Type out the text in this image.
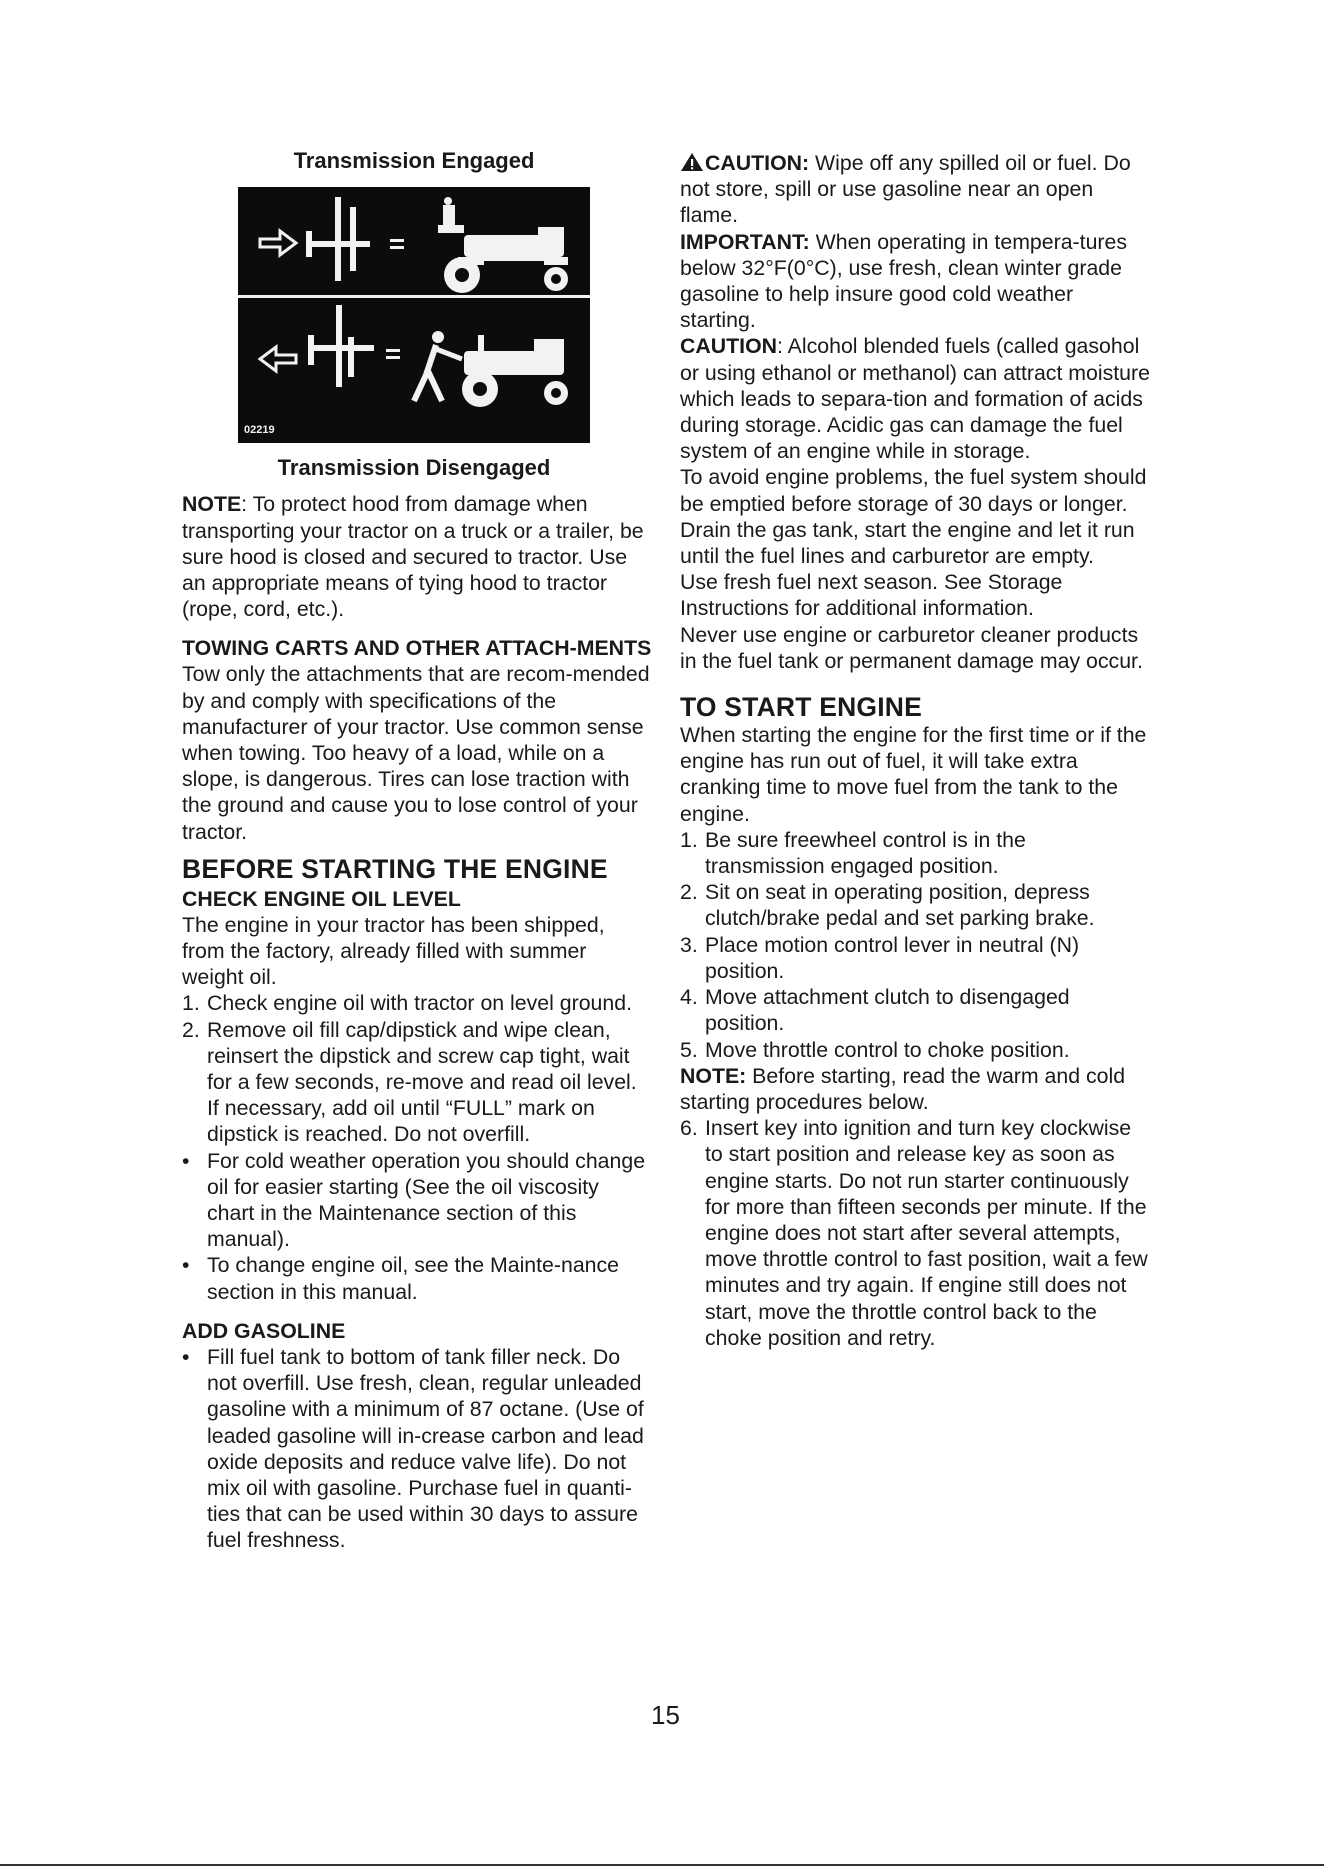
Transmission Engaged

02219

Transmission Disengaged

NOTE: To protect hood from damage when transporting your tractor on a truck or a trailer, be sure hood is closed and secured to tractor. Use an appropriate means of tying hood to tractor (rope, cord, etc.).

TOWING CARTS AND OTHER ATTACH-MENTS

Tow only the attachments that are recom-mended by and comply with specifications of the manufacturer of your tractor. Use common sense when towing. Too heavy of a load, while on a slope, is dangerous. Tires can lose traction with the ground and cause you to lose control of your tractor.

BEFORE STARTING THE ENGINE

CHECK ENGINE OIL LEVEL

The engine in your tractor has been shipped, from the factory, already filled with summer weight oil.

1. Check engine oil with tractor on level ground.
2. Remove oil fill cap/dipstick and wipe clean, reinsert the dipstick and screw cap tight, wait for a few seconds, re-move and read oil level. If necessary, add oil until “FULL” mark on dipstick is reached. Do not overfill.
• For cold weather operation you should change oil for easier starting (See the oil viscosity chart in the Maintenance section of this manual).
• To change engine oil, see the Mainte-nance section in this manual.

ADD GASOLINE

• Fill fuel tank to bottom of tank filler neck. Do not overfill. Use fresh, clean, regular unleaded gasoline with a minimum of 87 octane. (Use of leaded gasoline will in-crease carbon and lead oxide deposits and reduce valve life). Do not mix oil with gasoline. Purchase fuel in quanti-ties that can be used within 30 days to assure fuel freshness.

CAUTION: Wipe off any spilled oil or fuel. Do not store, spill or use gasoline near an open flame.

IMPORTANT: When operating in tempera-tures below 32°F(0°C), use fresh, clean winter grade gasoline to help insure good cold weather starting.

CAUTION: Alcohol blended fuels (called gasohol or using ethanol or methanol) can attract moisture which leads to separa-tion and formation of acids during storage. Acidic gas can damage the fuel system of an engine while in storage.

To avoid engine problems, the fuel system should be emptied before storage of 30 days or longer. Drain the gas tank, start the engine and let it run until the fuel lines and carburetor are empty.

Use fresh fuel next season. See Storage Instructions for additional information.

Never use engine or carburetor cleaner products in the fuel tank or permanent damage may occur.

TO START ENGINE

When starting the engine for the first time or if the engine has run out of fuel, it will take extra cranking time to move fuel from the tank to the engine.

1. Be sure freewheel control is in the transmission engaged position.
2. Sit on seat in operating position, depress clutch/brake pedal and set parking brake.
3. Place motion control lever in neutral (N) position.
4. Move attachment clutch to disengaged position.
5. Move throttle control to choke position.

NOTE: Before starting, read the warm and cold starting procedures below.

6. Insert key into ignition and turn key clockwise to start position and release key as soon as engine starts. Do not run starter continuously for more than fifteen seconds per minute. If the engine does not start after several attempts, move throttle control to fast position, wait a few minutes and try again. If engine still does not start, move the throttle control back to the choke position and retry.
15
